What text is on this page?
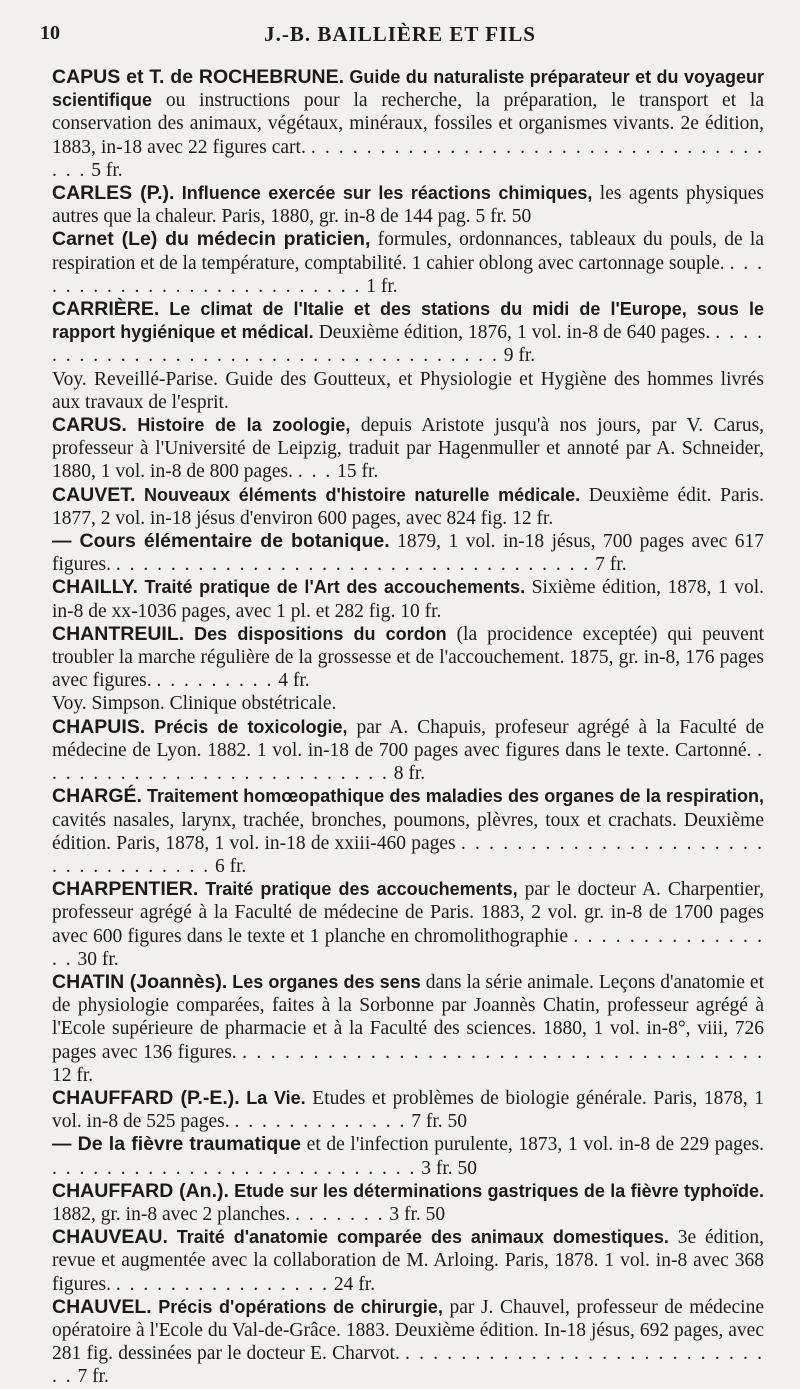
10	J.-B. BAILLIÈRE ET FILS

CAPUS et T. de ROCHEBRUNE. Guide du naturaliste préparateur et du voyageur scientifique ou instructions pour la recherche, la préparation, le transport et la conservation des animaux, végétaux, minéraux, fossiles et organismes vivants. 2e édition, 1883, in-18 avec 22 figures cart. . . . . . . . . . . . . . . . . . . . . . . . . . . . . . . . . . . . . 5 fr.

CARLES (P.). Influence exercée sur les réactions chimiques, les agents physiques autres que la chaleur. Paris, 1880, gr. in-8 de 144 pag. 5 fr. 50

Carnet (Le) du médecin praticien, formules, ordonnances, tableaux du pouls, de la respiration et de la température, comptabilité. 1 cahier oblong avec cartonnage souple. . . . . . . . . . . . . . . . . . . . . . . . . . . 1 fr.

CARRIÈRE. Le climat de l'Italie et des stations du midi de l'Europe, sous le rapport hygiénique et médical. Deuxième édition, 1876, 1 vol. in-8 de 640 pages. . . . . . . . . . . . . . . . . . . . . . . . . . . . . . . . . . . . . . 9 fr.

Voy. Reveillé-Parise. Guide des Goutteux, et Physiologie et Hygiène des hommes livrés aux travaux de l'esprit.

CARUS. Histoire de la zoologie, depuis Aristote jusqu'à nos jours, par V. Carus, professeur à l'Université de Leipzig, traduit par Hagenmuller et annoté par A. Schneider, 1880, 1 vol. in-8 de 800 pages. . . . 15 fr.

CAUVET. Nouveaux éléments d'histoire naturelle médicale. Deuxième édit. Paris. 1877, 2 vol. in-18 jésus d'environ 600 pages, avec 824 fig. 12 fr.

— Cours élémentaire de botanique. 1879, 1 vol. in-18 jésus, 700 pages avec 617 figures. . . . . . . . . . . . . . . . . . . . . . . . . . . . . . . . . . . . 7 fr.

CHAILLY. Traité pratique de l'Art des accouchements. Sixième édition, 1878, 1 vol. in-8 de xx-1036 pages, avec 1 pl. et 282 fig. 10 fr.

CHANTREUIL. Des dispositions du cordon (la procidence exceptée) qui peuvent troubler la marche régulière de la grossesse et de l'accouchement. 1875, gr. in-8, 176 pages avec figures. . . . . . . . . . 4 fr.

Voy. Simpson. Clinique obstétricale.

CHAPUIS. Précis de toxicologie, par A. Chapuis, profeseur agrégé à la Faculté de médecine de Lyon. 1882. 1 vol. in-18 de 700 pages avec figures dans le texte. Cartonné. . . . . . . . . . . . . . . . . . . . . . . . . . . 8 fr.

CHARGÉ. Traitement homœopathique des maladies des organes de la respiration, cavités nasales, larynx, trachée, bronches, poumons, plèvres, toux et crachats. Deuxième édition. Paris, 1878, 1 vol. in-18 de xxiii-460 pages . . . . . . . . . . . . . . . . . . . . . . . . . . . . . . . . . . 6 fr.

CHARPENTIER. Traité pratique des accouchements, par le docteur A. Charpentier, professeur agrégé à la Faculté de médecine de Paris. 1883, 2 vol. gr. in-8 de 1700 pages avec 600 figures dans le texte et 1 planche en chromolithographie . . . . . . . . . . . . . . . . 30 fr.

CHATIN (Joannès). Les organes des sens dans la série animale. Leçons d'anatomie et de physiologie comparées, faites à la Sorbonne par Joannès Chatin, professeur agrégé à l'Ecole supérieure de pharmacie et à la Faculté des sciences. 1880, 1 vol. in-8°, viii, 726 pages avec 136 figures. . . . . . . . . . . . . . . . . . . . . . . . . . . . . . . . . . . . . . 12 fr.

CHAUFFARD (P.-E.). La Vie. Etudes et problèmes de biologie générale. Paris, 1878, 1 vol. in-8 de 525 pages. . . . . . . . . . . . . . 7 fr. 50

— De la fièvre traumatique et de l'infection purulente, 1873, 1 vol. in-8 de 229 pages. . . . . . . . . . . . . . . . . . . . . . . . . . . . 3 fr. 50

CHAUFFARD (An.). Etude sur les déterminations gastriques de la fièvre typhoïde. 1882, gr. in-8 avec 2 planches. . . . . . . . 3 fr. 50

CHAUVEAU. Traité d'anatomie comparée des animaux domestiques. 3e édition, revue et augmentée avec la collaboration de M. Arloing. Paris, 1878. 1 vol. in-8 avec 368 figures. . . . . . . . . . . . . . . . . 24 fr.

CHAUVEL. Précis d'opérations de chirurgie, par J. Chauvel, professeur de médecine opératoire à l'Ecole du Val-de-Grâce. 1883. Deuxième édition. In-18 jésus, 692 pages, avec 281 fig. dessinées par le docteur E. Charvot. . . . . . . . . . . . . . . . . . . . . . . . . . . . . 7 fr.
